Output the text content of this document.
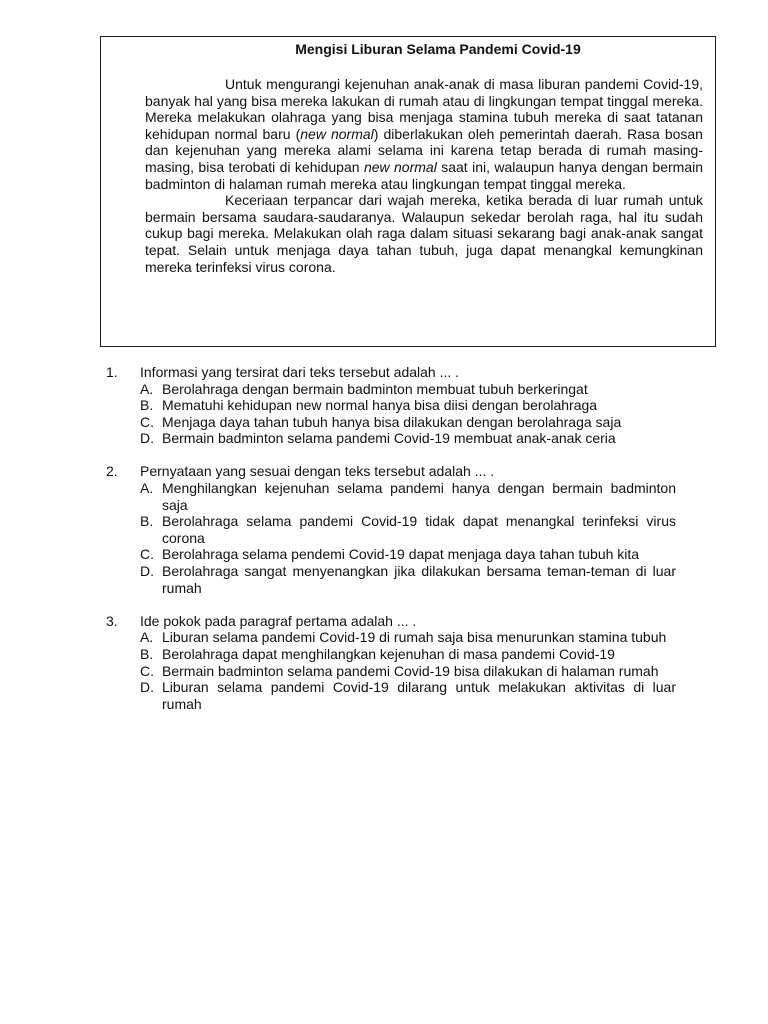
Mengisi Liburan Selama Pandemi Covid-19

Untuk mengurangi kejenuhan anak-anak di masa liburan pandemi Covid-19, banyak hal yang bisa mereka lakukan di rumah atau di lingkungan tempat tinggal mereka. Mereka melakukan olahraga yang bisa menjaga stamina tubuh mereka di saat tatanan kehidupan normal baru (new normal) diberlakukan oleh pemerintah daerah. Rasa bosan dan kejenuhan yang mereka alami selama ini karena tetap berada di rumah masing-masing, bisa terobati di kehidupan new normal saat ini, walaupun hanya dengan bermain badminton di halaman rumah mereka atau lingkungan tempat tinggal mereka.

Keceriaan terpancar dari wajah mereka, ketika berada di luar rumah untuk bermain bersama saudara-saudaranya. Walaupun sekedar berolah raga, hal itu sudah cukup bagi mereka. Melakukan olah raga dalam situasi sekarang bagi anak-anak sangat tepat. Selain untuk menjaga daya tahan tubuh, juga dapat menangkal kemungkinan mereka terinfeksi virus corona.

1. Informasi yang tersirat dari teks tersebut adalah ... .
A. Berolahraga dengan bermain badminton membuat tubuh berkeringat
B. Mematuhi kehidupan new normal hanya bisa diisi dengan berolahraga
C. Menjaga daya tahan tubuh hanya bisa dilakukan dengan berolahraga saja
D. Bermain badminton selama pandemi Covid-19 membuat anak-anak ceria
2. Pernyataan yang sesuai dengan teks tersebut adalah ... .
A. Menghilangkan kejenuhan selama pandemi hanya dengan bermain badminton saja
B. Berolahraga selama pandemi Covid-19 tidak dapat menangkal terinfeksi virus corona
C. Berolahraga selama pendemi Covid-19 dapat menjaga daya tahan tubuh kita
D. Berolahraga sangat menyenangkan jika dilakukan bersama teman-teman di luar rumah
3. Ide pokok pada paragraf pertama adalah ... .
A. Liburan selama pandemi Covid-19 di rumah saja bisa menurunkan stamina tubuh
B. Berolahraga dapat menghilangkan kejenuhan di masa pandemi Covid-19
C. Bermain badminton selama pandemi Covid-19 bisa dilakukan di halaman rumah
D. Liburan selama pandemi Covid-19 dilarang untuk melakukan aktivitas di luar rumah
